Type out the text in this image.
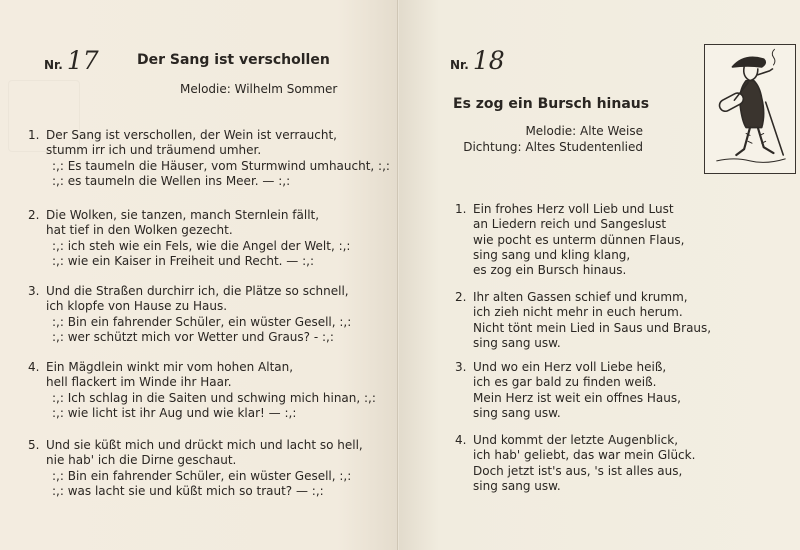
Nr. 17	Der Sang ist verschollen
Melodie: Wilhelm Sommer
1. Der Sang ist verschollen, der Wein ist verraucht,
stumm irr ich und träumend umher.
:,: Es taumeln die Häuser, vom Sturmwind umhaucht, :,:
:,: es taumeln die Wellen ins Meer. — :,:
2. Die Wolken, sie tanzen, manch Sternlein fällt,
hat tief in den Wolken gezecht.
:,: ich steh wie ein Fels, wie die Angel der Welt, :,:
:,: wie ein Kaiser in Freiheit und Recht. — :,:
3. Und die Straßen durchirr ich, die Plätze so schnell,
ich klopfe von Hause zu Haus.
:,: Bin ein fahrender Schüler, ein wüster Gesell, :,:
:,: wer schützt mich vor Wetter und Graus? - :,:
4. Ein Mägdlein winkt mir vom hohen Altan,
hell flackert im Winde ihr Haar.
:,: Ich schlag in die Saiten und schwing mich hinan, :,:
:,: wie licht ist ihr Aug und wie klar! — :,:
5. Und sie küßt mich und drückt mich und lacht so hell,
nie hab' ich die Dirne geschaut.
:,: Bin ein fahrender Schüler, ein wüster Gesell, :,:
:,: was lacht sie und küßt mich so traut? — :,:
Nr. 18
Es zog ein Bursch hinaus
Melodie: Alte Weise
Dichtung: Altes Studentenlied
1. Ein frohes Herz voll Lieb und Lust
an Liedern reich und Sangeslust
wie pocht es unterm dünnen Flaus,
sing sang und kling klang,
es zog ein Bursch hinaus.
2. Ihr alten Gassen schief und krumm,
ich zieh nicht mehr in euch herum.
Nicht tönt mein Lied in Saus und Braus,
sing sang usw.
3. Und wo ein Herz voll Liebe heiß,
ich es gar bald zu finden weiß.
Mein Herz ist weit ein offnes Haus,
sing sang usw.
4. Und kommt der letzte Augenblick,
ich hab' geliebt, das war mein Glück.
Doch jetzt ist's aus, 's ist alles aus,
sing sang usw.
